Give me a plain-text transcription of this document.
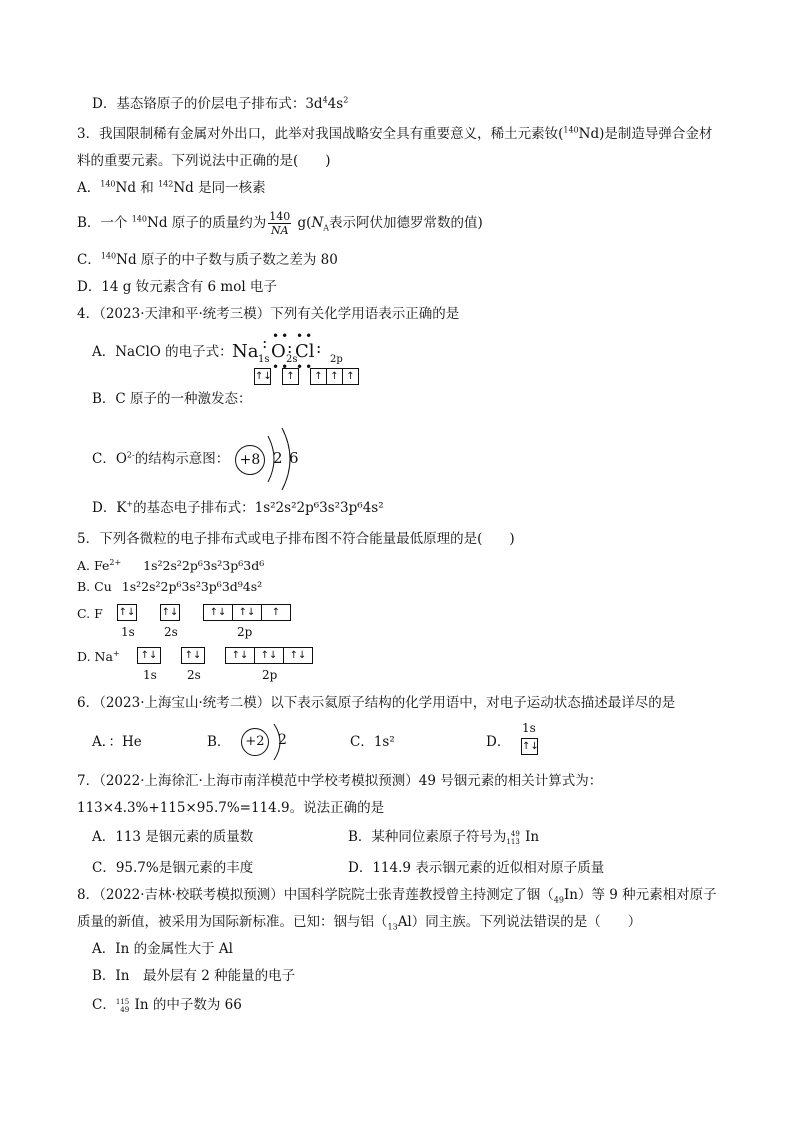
D．基态铬原子的价层电子排布式：$3d^44s^2$
3．我国限制稀有金属对外出口，此举对我国战略安全具有重要意义，稀土元素钕($^{140}$Nd)是制造导弹合金材
料的重要元素。下列说法中正确的是(　　)
A．$^{140}$Nd 和 $^{142}$Nd 是同一核素
B．一个 $^{140}$Nd 原子的质量约为 $\frac{140}{NA} g(N_A$表示阿伏加德罗常数的值)
C．$^{140}$Nd 原子的中子数与质子数之差为 80
D．14 g 钕元素含有 6 mol 电子
4．（2023·天津和平·统考三模）下列有关化学用语表示正确的是
A．NaClO 的电子式： Na : O
••
••
: Cl
••
••
:
B．C 原子的一种激发态：
1s 2s	2p
↑↓	↑	↑ ↑ ↑
C．$O^{2-}$的结构示意图： +8 2 6
D．K+的基态电子排布式：1s²2s²2p⁶3s²3p⁶4s²
5．下列各微粒的电子排布式或电子排布图不符合能量最低原理的是(　　)
A. $Fe^{2+}$ 1s²2s²2p⁶3s²3p⁶3d⁶
B. Cu 1s²2s²2p⁶3s²3p⁶3d⁹4s²
C. F ↑↓	↑↓	↑↓	↑↓	↑
1s 2s	2p
D. Na+	↑↓	↑↓	↑↓	↑↓	↑↓
1s	2s	2p
6．（2023·上海宝山·统考二模）以下表示氦原子结构的化学用语中，对电子运动状态描述最详尽的是
A．：He	B．	+2 2	C．1s²	D．
1s
↑↓
7．（2022·上海徐汇·上海市南洋模范中学校考模拟预测）49 号铟元素的相关计算式为：
113×4.3%+115×95.7%=114.9。说法正确的是
A．113 是铟元素的质量数	B．某种同位素原子符号为 49
113 In
C．95.7%是铟元素的丰度	D．114.9 表示铟元素的近似相对原子质量
8．（2022·吉林·校联考模拟预测）中国科学院院士张青莲教授曾主持测定了铟$(_{49}In)$等 9 种元素相对原子
质量的新值，被采用为国际新标准。已知：铟与铝$(_{13}Al)$同主族。下列说法错误的是（　　）
A．In 的金属性大于 Al
B．In　最外层有 2 种能量的电子
C． 115
49 In 的中子数为 66
